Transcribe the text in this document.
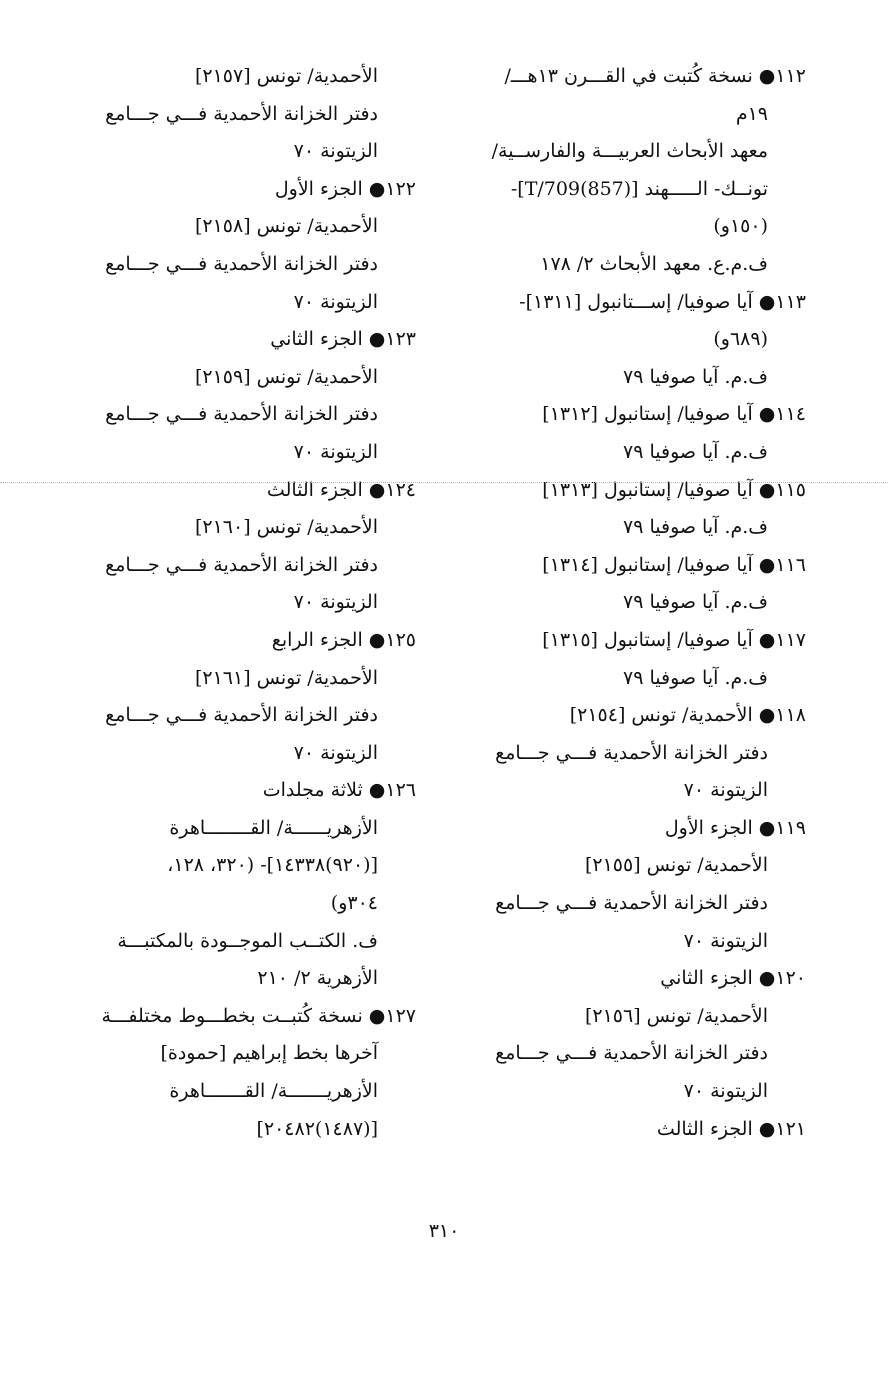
١١٢● نسخة كُتبت في القـــرن ١٣هـــ/
١٩م
معهد الأبحاث العربيـــة والفارســية/
تونــك- الـــــهند [(857)T/709]-
(١٥٠و)
ف.م.ع. معهد الأبحاث ٢/ ١٧٨
١١٣● آيا صوفيا/ إســـتانبول [١٣١١]-
(٦٨٩و)
ف.م. آيا صوفيا ٧٩
١١٤● آيا صوفيا/ إستانبول [١٣١٢]
ف.م. آيا صوفيا ٧٩
١١٥● آيا صوفيا/ إستانبول [١٣١٣]
ف.م. آيا صوفيا ٧٩
١١٦● آيا صوفيا/ إستانبول [١٣١٤]
ف.م. آيا صوفيا ٧٩
١١٧● آيا صوفيا/ إستانبول [١٣١٥]
ف.م. آيا صوفيا ٧٩
١١٨● الأحمدية/ تونس [٢١٥٤]
دفتر الخزانة الأحمدية فـــي جـــامع
الزيتونة ٧٠
١١٩● الجزء الأول
الأحمدية/ تونس [٢١٥٥]
دفتر الخزانة الأحمدية فـــي جـــامع
الزيتونة ٧٠
١٢٠● الجزء الثاني
الأحمدية/ تونس [٢١٥٦]
دفتر الخزانة الأحمدية فـــي جـــامع
الزيتونة ٧٠
١٢١● الجزء الثالث
الأحمدية/ تونس [٢١٥٧]
دفتر الخزانة الأحمدية فـــي جـــامع
الزيتونة ٧٠
١٢٢● الجزء الأول
الأحمدية/ تونس [٢١٥٨]
دفتر الخزانة الأحمدية فـــي جـــامع
الزيتونة ٧٠
١٢٣● الجزء الثاني
الأحمدية/ تونس [٢١٥٩]
دفتر الخزانة الأحمدية فـــي جـــامع
الزيتونة ٧٠
١٢٤● الجزء الثالث
الأحمدية/ تونس [٢١٦٠]
دفتر الخزانة الأحمدية فـــي جـــامع
الزيتونة ٧٠
١٢٥● الجزء الرابع
الأحمدية/ تونس [٢١٦١]
دفتر الخزانة الأحمدية فـــي جـــامع
الزيتونة ٧٠
١٢٦● ثلاثة مجلدات
الأزهريــــــة/ القــــــــاهرة
[(٩٢٠)١٤٣٣٨]- (٣٢٠، ١٢٨،
٣٠٤و)
ف. الكتــب الموجــودة بالمكتبـــة
الأزهرية ٢/ ٢١٠
١٢٧● نسخة كُتبــت بخطـــوط مختلفـــة
آخرها بخط إبراهيم [حمودة]
الأزهريـــــــة/ القـــــــاهرة
[(١٤٨٧)٢٠٤٨٢]
٣١٠
